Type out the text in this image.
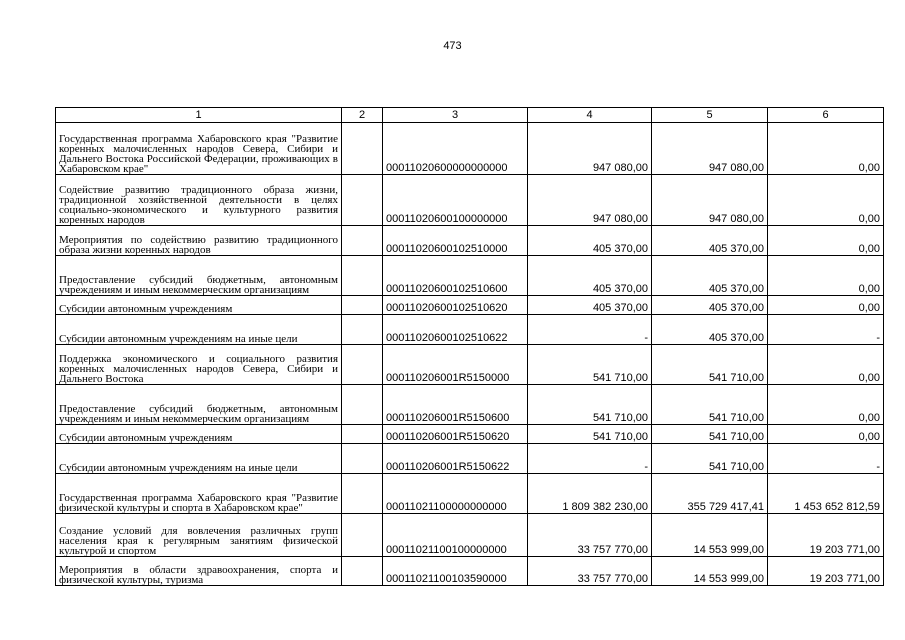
473
1	2	3	4	5	6
Государственная программа Хабаровского края "Развитие коренных малочисленных народов Севера, Сибири и Дальнего Востока Российской Федерации, проживающих в Хабаровском крае"		00011020600000000000	947 080,00	947 080,00	0,00
Содействие развитию традиционного образа жизни, традиционной хозяйственной деятельности в целях социально-экономического и культурного развития коренных народов		00011020600100000000	947 080,00	947 080,00	0,00
Мероприятия по содействию развитию традиционного образа жизни коренных народов		00011020600102510000	405 370,00	405 370,00	0,00
Предоставление субсидий бюджетным, автономным учреждениям и иным некоммерческим организациям		00011020600102510600	405 370,00	405 370,00	0,00
Субсидии автономным учреждениям		00011020600102510620	405 370,00	405 370,00	0,00
Субсидии автономным учреждениям на иные цели		00011020600102510622	-	405 370,00	-
Поддержка экономического и социального развития коренных малочисленных народов Севера, Сибири и Дальнего Востока		000110206001R5150000	541 710,00	541 710,00	0,00
Предоставление субсидий бюджетным, автономным учреждениям и иным некоммерческим организациям		000110206001R5150600	541 710,00	541 710,00	0,00
Субсидии автономным учреждениям		000110206001R5150620	541 710,00	541 710,00	0,00
Субсидии автономным учреждениям на иные цели		000110206001R5150622	-	541 710,00	-
Государственная программа Хабаровского края "Развитие физической культуры и спорта в Хабаровском крае"		00011021100000000000	1 809 382 230,00	355 729 417,41	1 453 652 812,59
Создание условий для вовлечения различных групп населения края к регулярным занятиям физической культурой и спортом		00011021100100000000	33 757 770,00	14 553 999,00	19 203 771,00
Мероприятия в области здравоохранения, спорта и физической культуры, туризма		00011021100103590000	33 757 770,00	14 553 999,00	19 203 771,00
